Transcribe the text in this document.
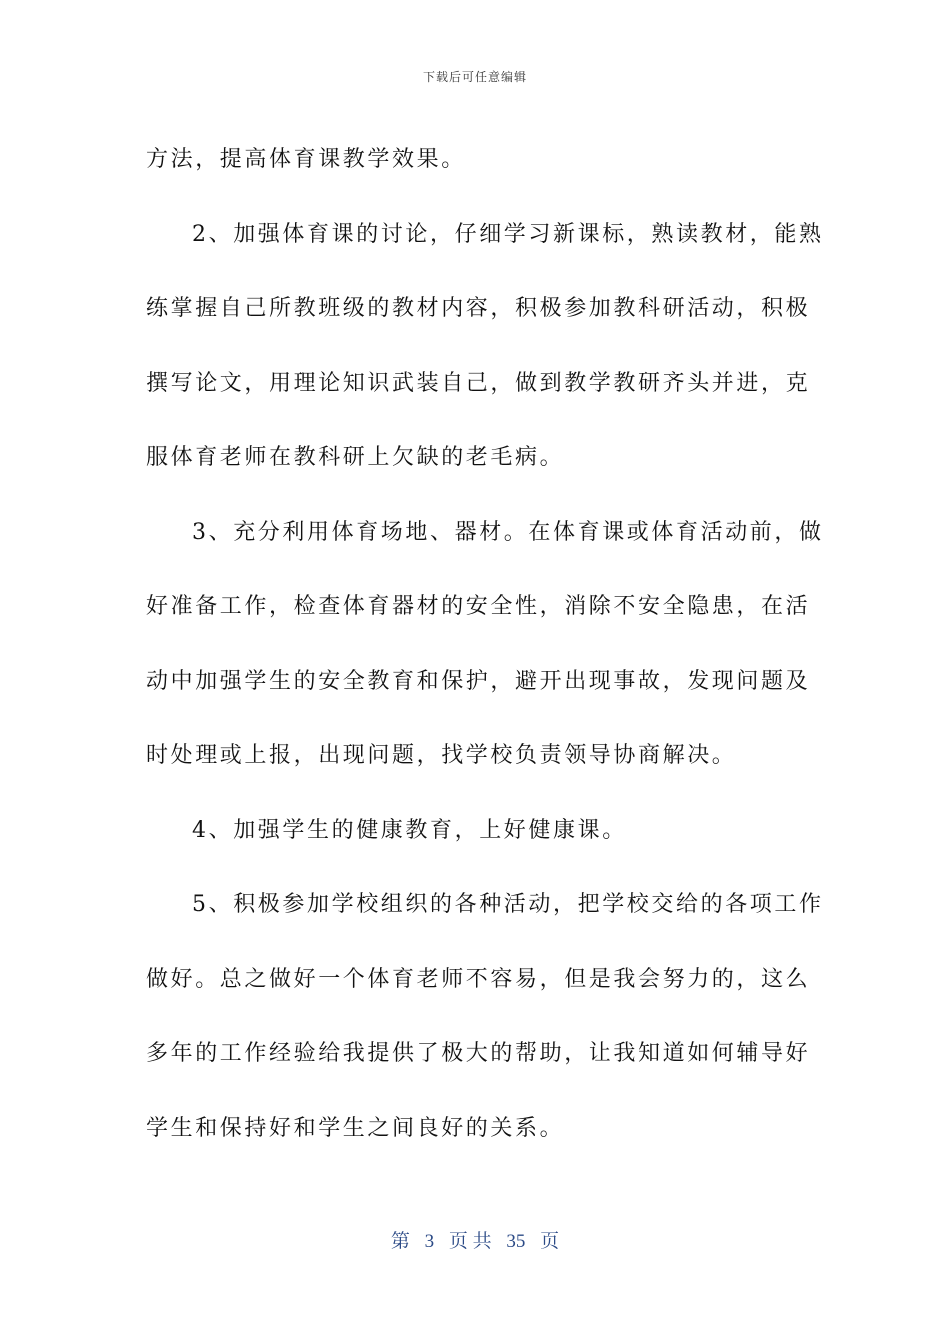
下载后可任意编辑
方法，提高体育课教学效果。
2、加强体育课的讨论，仔细学习新课标，熟读教材，能熟
练掌握自己所教班级的教材内容，积极参加教科研活动，积极
撰写论文，用理论知识武装自己，做到教学教研齐头并进，克
服体育老师在教科研上欠缺的老毛病。
3、充分利用体育场地、器材。在体育课或体育活动前，做
好准备工作，检查体育器材的安全性，消除不安全隐患，在活
动中加强学生的安全教育和保护，避开出现事故，发现问题及
时处理或上报，出现问题，找学校负责领导协商解决。
4、加强学生的健康教育，上好健康课。
5、积极参加学校组织的各种活动，把学校交给的各项工作
做好。总之做好一个体育老师不容易，但是我会努力的，这么
多年的工作经验给我提供了极大的帮助，让我知道如何辅导好
学生和保持好和学生之间良好的关系。
第 3 页 共 35 页
